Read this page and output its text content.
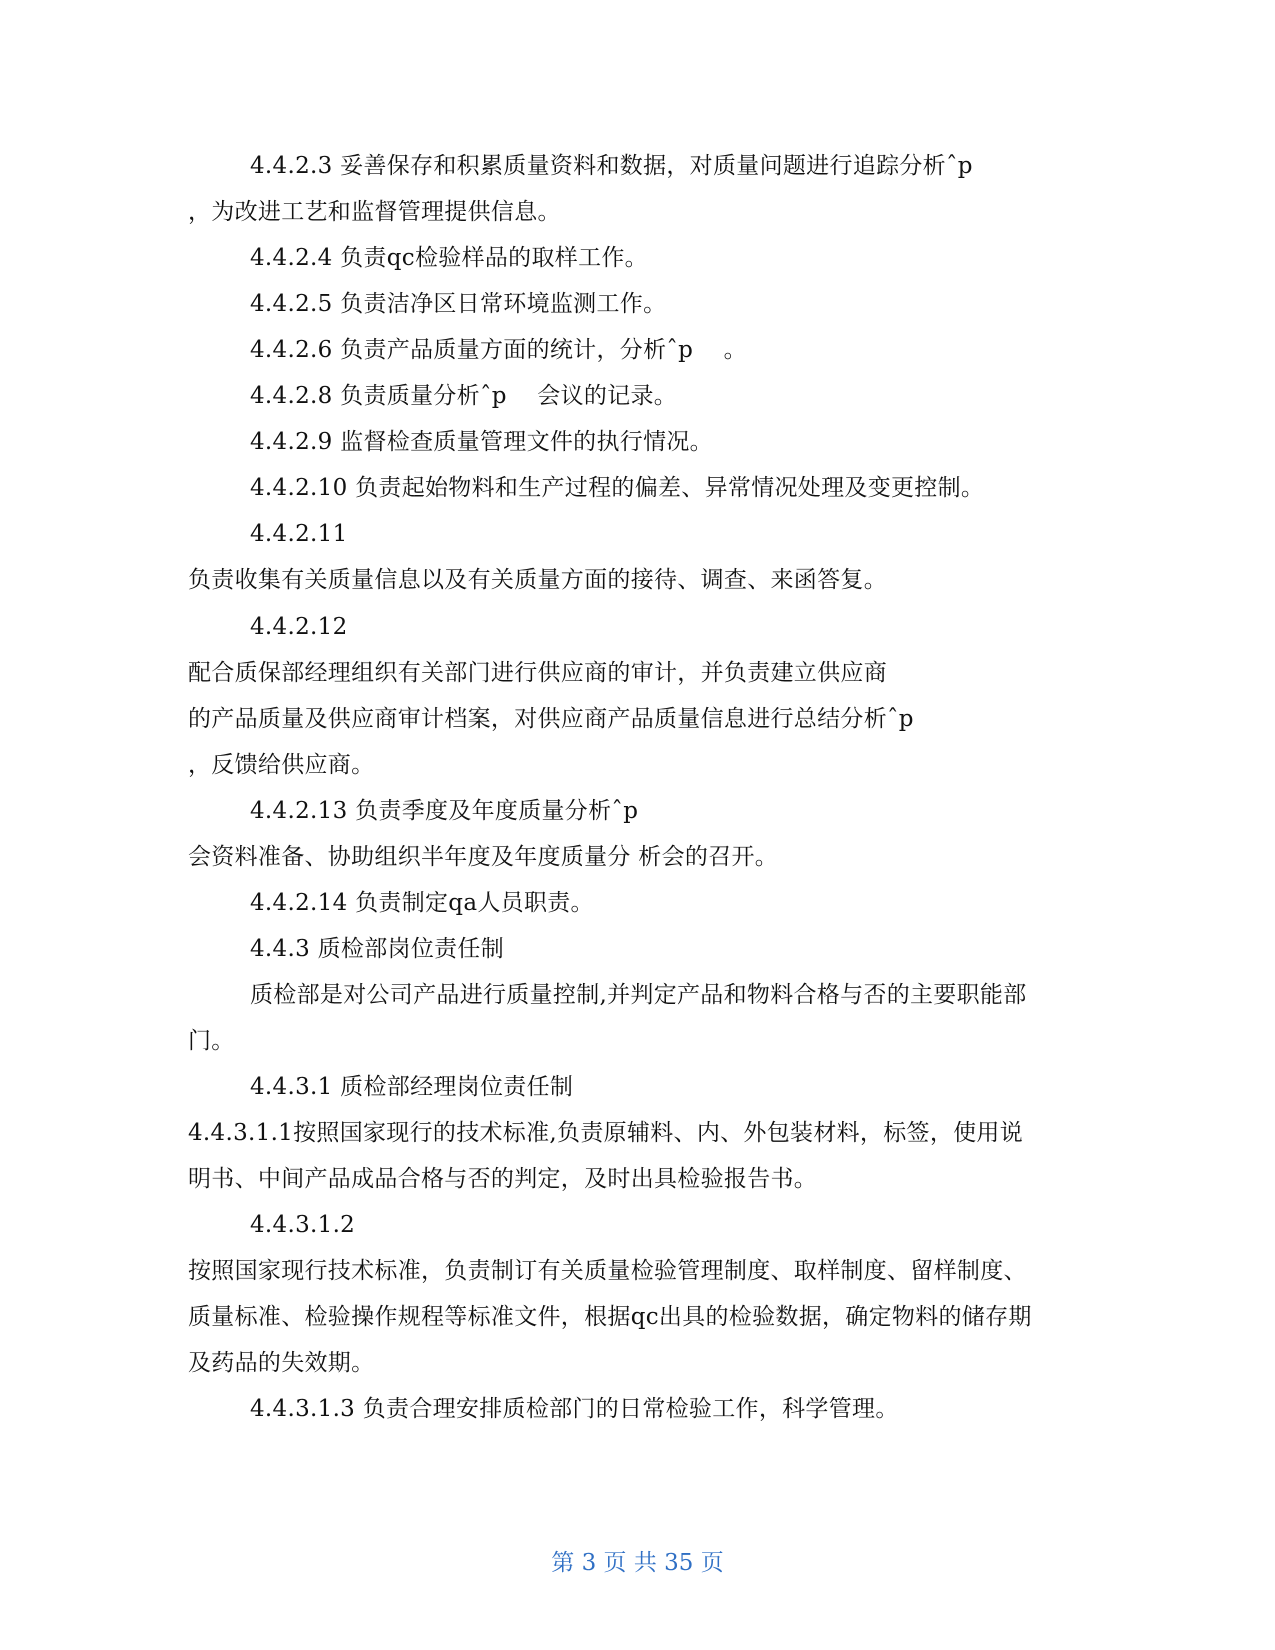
4.4.2.3 妥善保存和积累质量资料和数据，对质量问题进行追踪分析ˆp
，为改进工艺和监督管理提供信息。
4.4.2.4 负责qc检验样品的取样工作。
4.4.2.5 负责洁净区日常环境监测工作。
4.4.2.6 负责产品质量方面的统计，分析ˆp    。
4.4.2.8 负责质量分析ˆp    会议的记录。
4.4.2.9 监督检查质量管理文件的执行情况。
4.4.2.10 负责起始物料和生产过程的偏差、异常情况处理及变更控制。
4.4.2.11
负责收集有关质量信息以及有关质量方面的接待、调查、来函答复。
4.4.2.12
配合质保部经理组织有关部门进行供应商的审计，并负责建立供应商
的产品质量及供应商审计档案，对供应商产品质量信息进行总结分析ˆp
，反馈给供应商。
4.4.2.13 负责季度及年度质量分析ˆp
会资料准备、协助组织半年度及年度质量分 析会的召开。
4.4.2.14 负责制定qa人员职责。
4.4.3 质检部岗位责任制
质检部是对公司产品进行质量控制,并判定产品和物料合格与否的主要职能部
门。
4.4.3.1 质检部经理岗位责任制
4.4.3.1.1按照国家现行的技术标准,负责原辅料、内、外包装材料，标签，使用说
明书、中间产品成品合格与否的判定，及时出具检验报告书。
4.4.3.1.2
按照国家现行技术标准，负责制订有关质量检验管理制度、取样制度、留样制度、
质量标准、检验操作规程等标准文件，根据qc出具的检验数据，确定物料的储存期
及药品的失效期。
4.4.3.1.3 负责合理安排质检部门的日常检验工作，科学管理。
第 3 页 共 35 页
